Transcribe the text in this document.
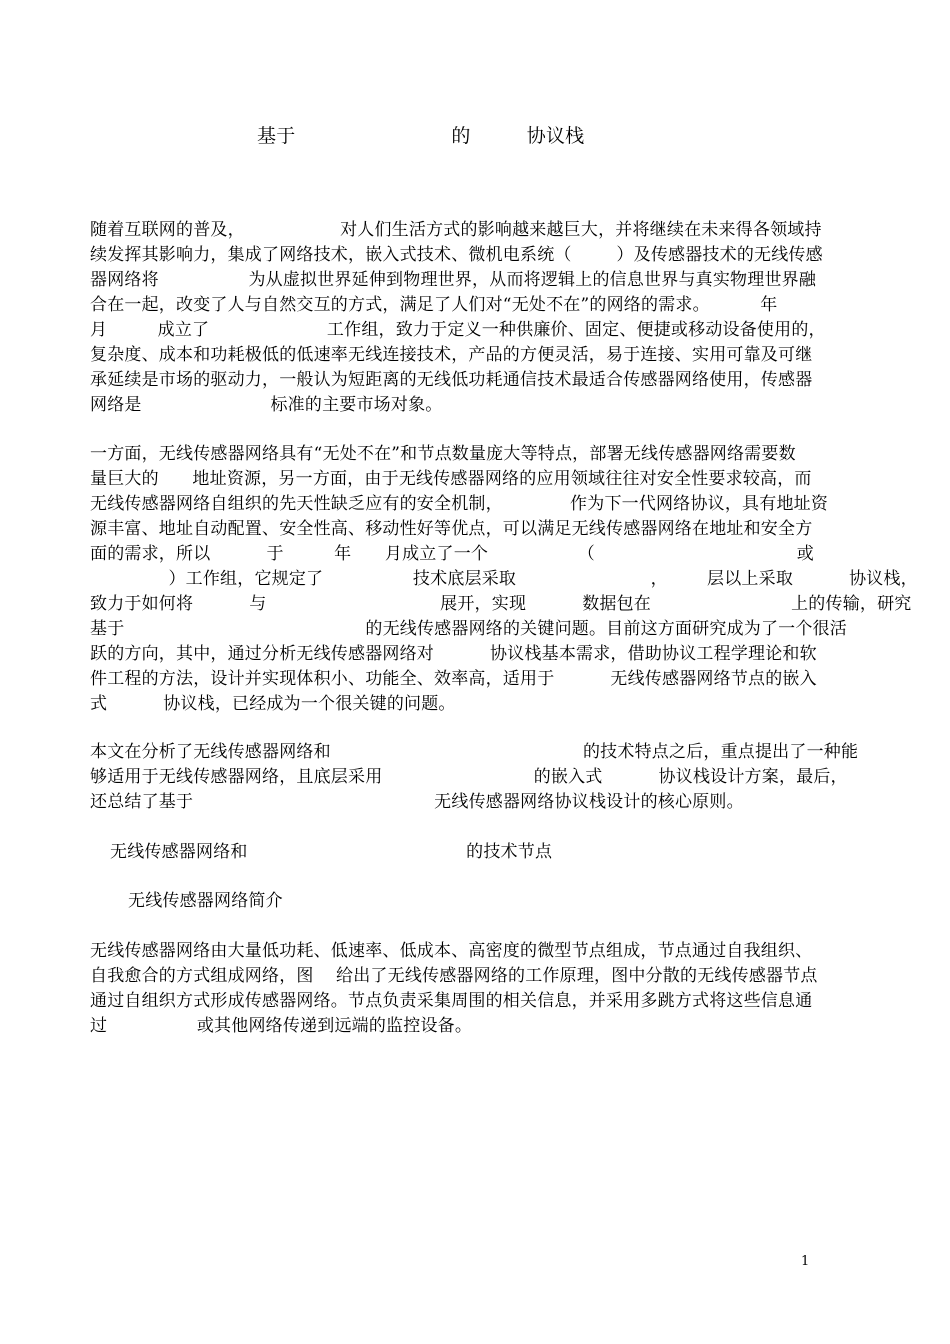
基于                         的         协议栈
随着互联网的普及，                 对人们生活方式的影响越来越巨大，并将继续在未来得各领域持
续发挥其影响力，集成了网络技术，嵌入式技术、微机电系统（        ）及传感器技术的无线传感
器网络将                为从虚拟世界延伸到物理世界，从而将逻辑上的信息世界与真实物理世界融
合在一起，改变了人与自然交互的方式，满足了人们对“无处不在”的网络的需求。         年
月         成立了                     工作组，致力于定义一种供廉价、固定、便捷或移动设备使用的，
复杂度、成本和功耗极低的低速率无线连接技术，产品的方便灵活，易于连接、实用可靠及可继
承延续是市场的驱动力，一般认为短距离的无线低功耗通信技术最适合传感器网络使用，传感器
网络是                       标准的主要市场对象。
一方面，无线传感器网络具有“无处不在”和节点数量庞大等特点，部署无线传感器网络需要数
量巨大的      地址资源，另一方面，由于无线传感器网络的应用领域往往对安全性要求较高，而
无线传感器网络自组织的先天性缺乏应有的安全机制，            作为下一代网络协议，具有地址资
源丰富、地址自动配置、安全性高、移动性好等优点，可以满足无线传感器网络在地址和安全方
面的需求，所以          于         年      月成立了一个                （                                    或
）工作组，它规定了                技术底层采取                        ，       层以上采取          协议栈，
致力于如何将          与                               展开，实现          数据包在                         上的传输，研究
基于                                           的无线传感器网络的关键问题。目前这方面研究成为了一个很活
跃的方向，其中，通过分析无线传感器网络对          协议栈基本需求，借助协议工程学理论和软
件工程的方法，设计并实现体积小、功能全、效率高，适用于          无线传感器网络节点的嵌入
式          协议栈，已经成为一个很关键的问题。
本文在分析了无线传感器网络和                                             的技术特点之后，重点提出了一种能
够适用于无线传感器网络，且底层采用                           的嵌入式          协议栈设计方案，最后，
还总结了基于                                           无线传感器网络协议栈设计的核心原则。
无线传感器网络和                                       的技术节点
无线传感器网络简介
无线传感器网络由大量低功耗、低速率、低成本、高密度的微型节点组成，节点通过自我组织、
自我愈合的方式组成网络，图    给出了无线传感器网络的工作原理，图中分散的无线传感器节点
通过自组织方式形成传感器网络。节点负责采集周围的相关信息，并采用多跳方式将这些信息通
过                或其他网络传递到远端的监控设备。
1
